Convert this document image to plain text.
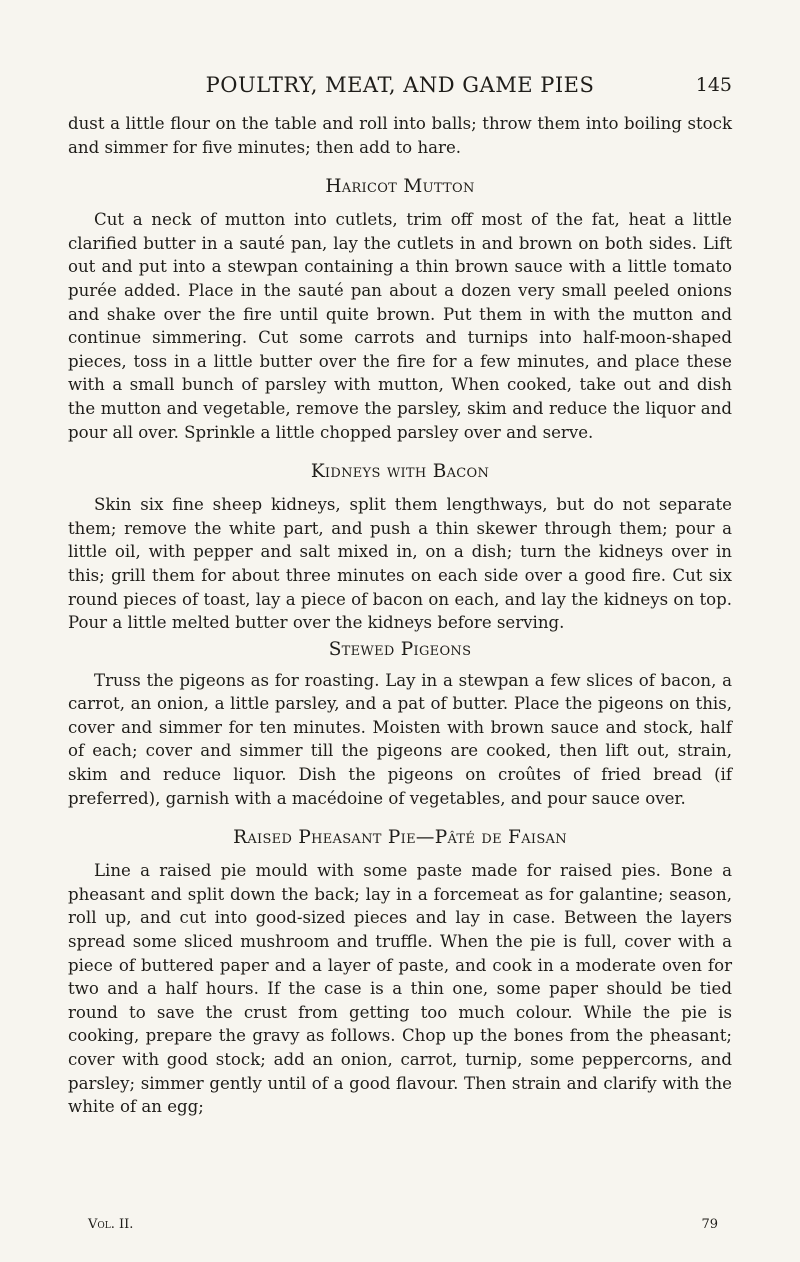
POULTRY, MEAT, AND GAME PIES	145

dust a little flour on the table and roll into balls; throw them into boiling stock and simmer for five minutes; then add to hare.

Haricot Mutton

Cut a neck of mutton into cutlets, trim off most of the fat, heat a little clarified butter in a sauté pan, lay the cutlets in and brown on both sides. Lift out and put into a stewpan containing a thin brown sauce with a little tomato purée added. Place in the sauté pan about a dozen very small peeled onions and shake over the fire until quite brown. Put them in with the mutton and continue simmering. Cut some carrots and turnips into half-moon-shaped pieces, toss in a little butter over the fire for a few minutes, and place these with a small bunch of parsley with mutton, When cooked, take out and dish the mutton and vegetable, remove the parsley, skim and reduce the liquor and pour all over. Sprinkle a little chopped parsley over and serve.

Kidneys with Bacon

Skin six fine sheep kidneys, split them lengthways, but do not separate them; remove the white part, and push a thin skewer through them; pour a little oil, with pepper and salt mixed in, on a dish; turn the kidneys over in this; grill them for about three minutes on each side over a good fire. Cut six round pieces of toast, lay a piece of bacon on each, and lay the kidneys on top. Pour a little melted butter over the kidneys before serving.

Stewed Pigeons

Truss the pigeons as for roasting. Lay in a stewpan a few slices of bacon, a carrot, an onion, a little parsley, and a pat of butter. Place the pigeons on this, cover and simmer for ten minutes. Moisten with brown sauce and stock, half of each; cover and simmer till the pigeons are cooked, then lift out, strain, skim and reduce liquor. Dish the pigeons on croûtes of fried bread (if preferred), garnish with a macédoine of vegetables, and pour sauce over.

Raised Pheasant Pie—Pâté de Faisan

Line a raised pie mould with some paste made for raised pies. Bone a pheasant and split down the back; lay in a forcemeat as for galantine; season, roll up, and cut into good-sized pieces and lay in case. Between the layers spread some sliced mushroom and truffle. When the pie is full, cover with a piece of buttered paper and a layer of paste, and cook in a moderate oven for two and a half hours. If the case is a thin one, some paper should be tied round to save the crust from getting too much colour. While the pie is cooking, prepare the gravy as follows. Chop up the bones from the pheasant; cover with good stock; add an onion, carrot, turnip, some peppercorns, and parsley; simmer gently until of a good flavour. Then strain and clarify with the white of an egg;

Vol. II.	79
